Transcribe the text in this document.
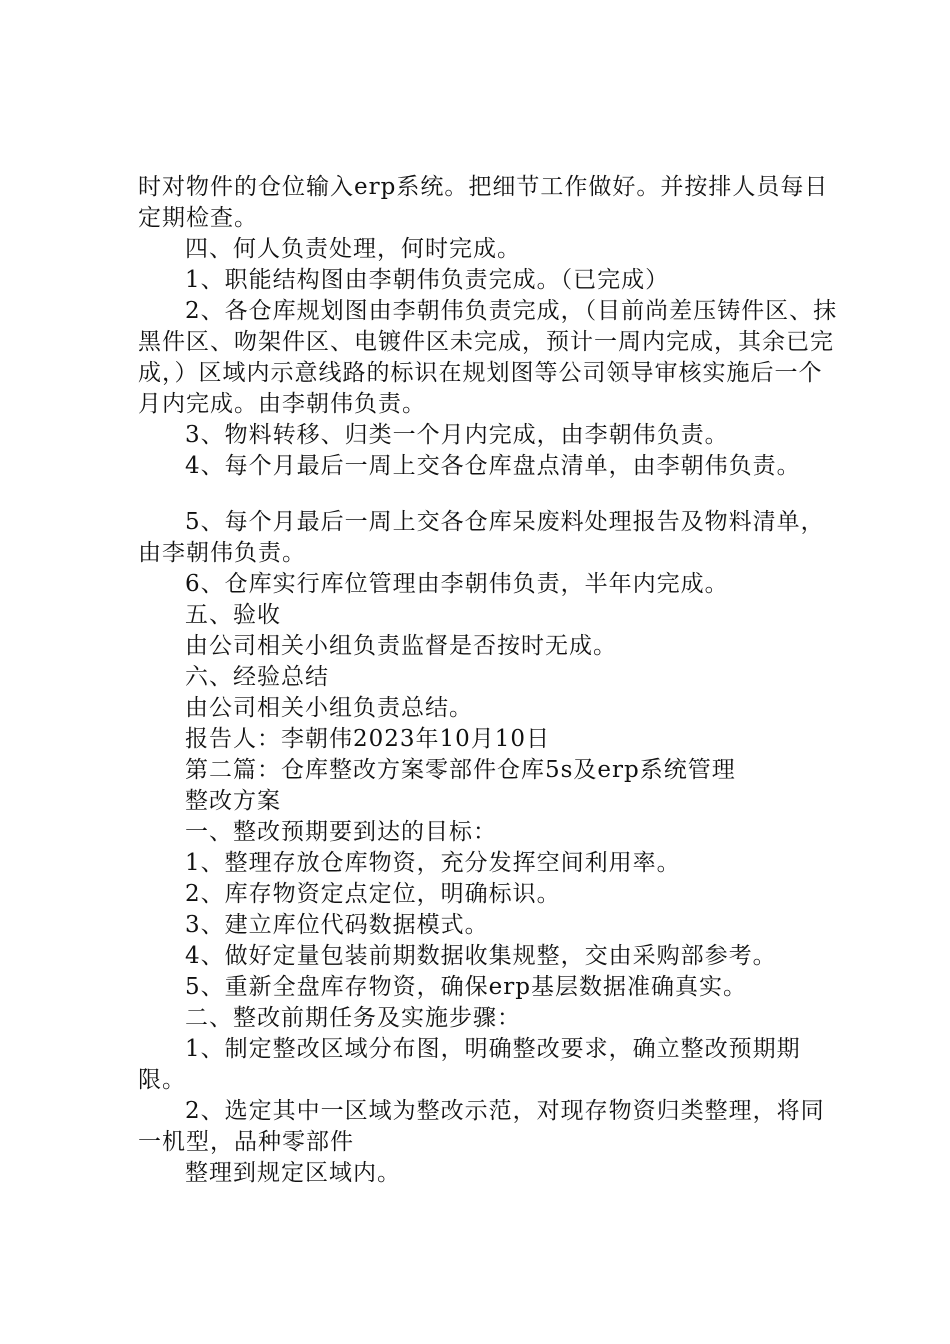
时对物件的仓位输入erp系统。把细节工作做好。并按排人员每日定期检查。

四、何人负责处理，何时完成。

1、职能结构图由李朝伟负责完成。（已完成）

2、各仓库规划图由李朝伟负责完成，（目前尚差压铸件区、抹黑件区、吻架件区、电镀件区未完成，预计一周内完成，其余已完成，）区域内示意线路的标识在规划图等公司领导审核实施后一个月内完成。由李朝伟负责。

3、物料转移、归类一个月内完成，由李朝伟负责。

4、每个月最后一周上交各仓库盘点清单，由李朝伟负责。

5、每个月最后一周上交各仓库呆废料处理报告及物料清单，由李朝伟负责。

6、仓库实行库位管理由李朝伟负责，半年内完成。

五、验收

由公司相关小组负责监督是否按时无成。

六、经验总结

由公司相关小组负责总结。

报告人：李朝伟2023年10月10日

第二篇：仓库整改方案零部件仓库5s及erp系统管理

整改方案

一、整改预期要到达的目标：

1、整理存放仓库物资，充分发挥空间利用率。

2、库存物资定点定位，明确标识。

3、建立库位代码数据模式。

4、做好定量包装前期数据收集规整，交由采购部参考。

5、重新全盘库存物资，确保erp基层数据准确真实。

二、整改前期任务及实施步骤：

1、制定整改区域分布图，明确整改要求，确立整改预期期限。

2、选定其中一区域为整改示范，对现存物资归类整理，将同一机型，品种零部件

整理到规定区域内。
